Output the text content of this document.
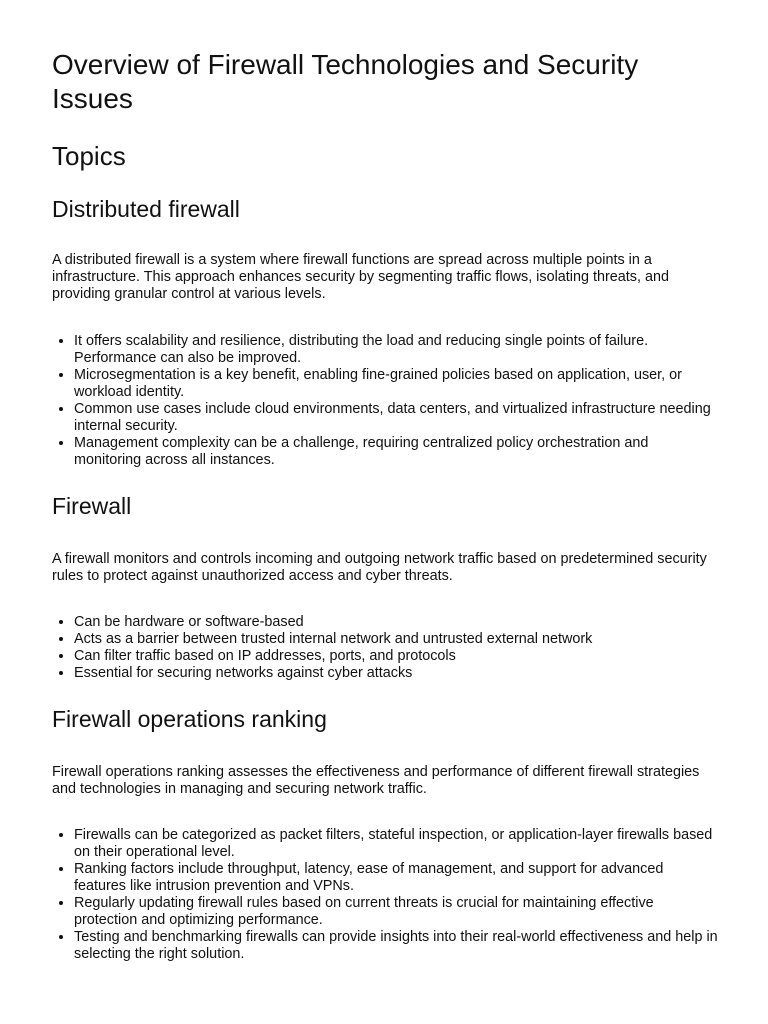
Overview of Firewall Technologies and Security Issues
Topics
Distributed firewall

A distributed firewall is a system where firewall functions are spread across multiple points in a infrastructure. This approach enhances security by segmenting traffic flows, isolating threats, and providing granular control at various levels.

• It offers scalability and resilience, distributing the load and reducing single points of failure. Performance can also be improved.
• Microsegmentation is a key benefit, enabling fine-grained policies based on application, user, or workload identity.
• Common use cases include cloud environments, data centers, and virtualized infrastructure needing internal security.
• Management complexity can be a challenge, requiring centralized policy orchestration and monitoring across all instances.
Firewall

A firewall monitors and controls incoming and outgoing network traffic based on predetermined security rules to protect against unauthorized access and cyber threats.

• Can be hardware or software-based
• Acts as a barrier between trusted internal network and untrusted external network
• Can filter traffic based on IP addresses, ports, and protocols
• Essential for securing networks against cyber attacks
Firewall operations ranking

Firewall operations ranking assesses the effectiveness and performance of different firewall strategies and technologies in managing and securing network traffic.

• Firewalls can be categorized as packet filters, stateful inspection, or application-layer firewalls based on their operational level.
• Ranking factors include throughput, latency, ease of management, and support for advanced features like intrusion prevention and VPNs.
• Regularly updating firewall rules based on current threats is crucial for maintaining effective protection and optimizing performance.
• Testing and benchmarking firewalls can provide insights into their real-world effectiveness and help in selecting the right solution.
